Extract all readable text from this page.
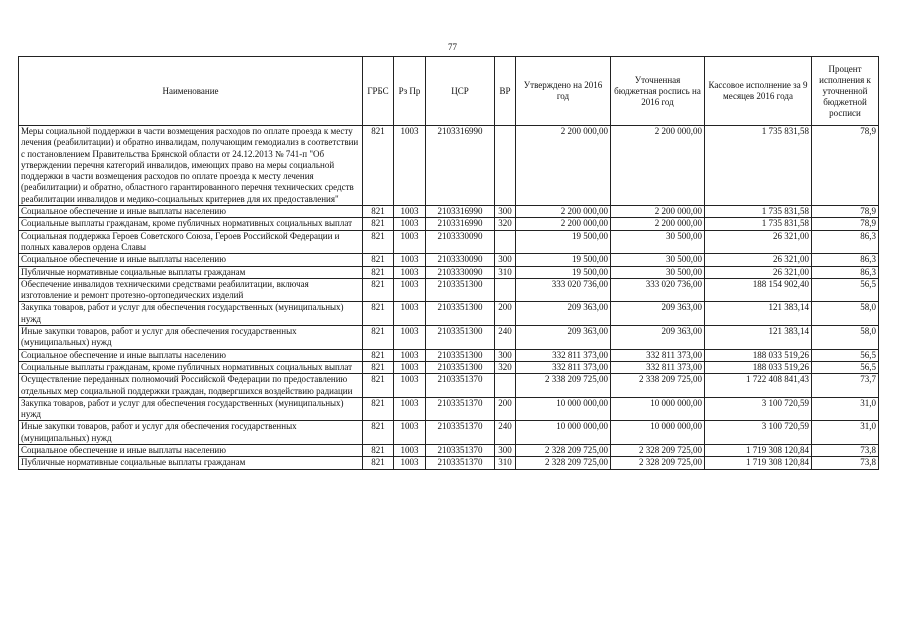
77
Наименование	ГРБС	Рз Пр	ЦСР	ВР	Утверждено на 2016 год	Уточненная бюджетная роспись на 2016 год	Кассовое исполнение за 9 месяцев 2016 года	Процент исполнения к уточненной бюджетной росписи
Меры социальной поддержки в части возмещения расходов по оплате проезда к месту лечения (реабилитации) и обратно инвалидам, получающим гемодиализ в соответствии с постановлением Правительства Брянской области от 24.12.2013 № 741-п "Об утверждении перечня категорий инвалидов, имеющих право на меры социальной поддержки в части возмещения расходов по оплате проезда к месту лечения (реабилитации) и обратно, областного гарантированного перечня технических средств реабилитации инвалидов и медико-социальных критериев для их предоставления"	821	1003	2103316990		2 200 000,00	2 200 000,00	1 735 831,58	78,9
Социальное обеспечение и иные выплаты населению	821	1003	2103316990	300	2 200 000,00	2 200 000,00	1 735 831,58	78,9
Социальные выплаты гражданам, кроме публичных нормативных социальных выплат	821	1003	2103316990	320	2 200 000,00	2 200 000,00	1 735 831,58	78,9
Социальная поддержка Героев Советского Союза, Героев Российской Федерации и полных кавалеров ордена Славы	821	1003	2103330090		19 500,00	30 500,00	26 321,00	86,3
Социальное обеспечение и иные выплаты населению	821	1003	2103330090	300	19 500,00	30 500,00	26 321,00	86,3
Публичные нормативные социальные выплаты гражданам	821	1003	2103330090	310	19 500,00	30 500,00	26 321,00	86,3
Обеспечение инвалидов техническими средствами реабилитации, включая изготовление и ремонт протезно-ортопедических изделий	821	1003	2103351300		333 020 736,00	333 020 736,00	188 154 902,40	56,5
Закупка товаров, работ и услуг для обеспечения государственных (муниципальных) нужд	821	1003	2103351300	200	209 363,00	209 363,00	121 383,14	58,0
Иные закупки товаров, работ и услуг для обеспечения государственных (муниципальных) нужд	821	1003	2103351300	240	209 363,00	209 363,00	121 383,14	58,0
Социальное обеспечение и иные выплаты населению	821	1003	2103351300	300	332 811 373,00	332 811 373,00	188 033 519,26	56,5
Социальные выплаты гражданам, кроме публичных нормативных социальных выплат	821	1003	2103351300	320	332 811 373,00	332 811 373,00	188 033 519,26	56,5
Осуществление переданных полномочий Российской Федерации по предоставлению отдельных мер социальной поддержки граждан, подвергшихся воздействию радиации	821	1003	2103351370		2 338 209 725,00	2 338 209 725,00	1 722 408 841,43	73,7
Закупка товаров, работ и услуг для обеспечения государственных (муниципальных) нужд	821	1003	2103351370	200	10 000 000,00	10 000 000,00	3 100 720,59	31,0
Иные закупки товаров, работ и услуг для обеспечения государственных (муниципальных) нужд	821	1003	2103351370	240	10 000 000,00	10 000 000,00	3 100 720,59	31,0
Социальное обеспечение и иные выплаты населению	821	1003	2103351370	300	2 328 209 725,00	2 328 209 725,00	1 719 308 120,84	73,8
Публичные нормативные социальные выплаты гражданам	821	1003	2103351370	310	2 328 209 725,00	2 328 209 725,00	1 719 308 120,84	73,8
